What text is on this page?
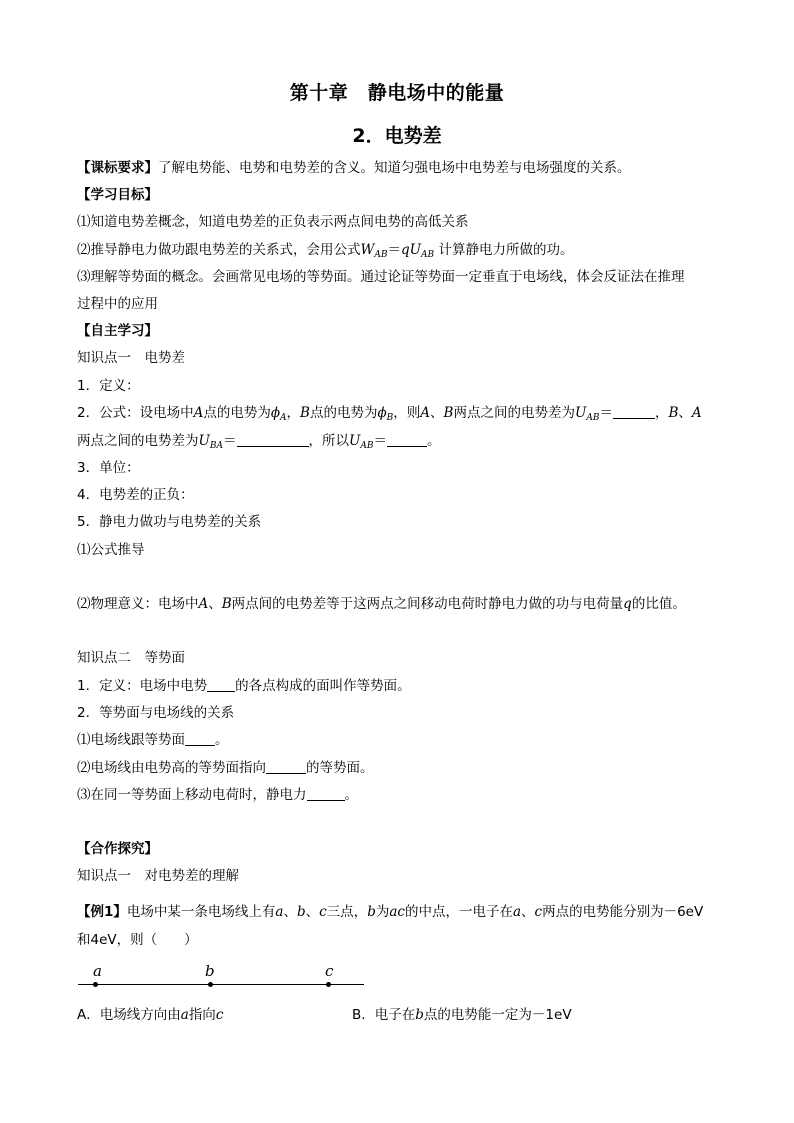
第十章　静电场中的能量
2．电势差
【课标要求】了解电势能、电势和电势差的含义。知道匀强电场中电势差与电场强度的关系。
【学习目标】
⑴知道电势差概念，知道电势差的正负表示两点间电势的高低关系
⑵推导静电力做功跟电势差的关系式，会用公式$W_{AB}=qU_{AB}$ 计算静电力所做的功。
⑶理解等势面的概念。会画常见电场的等势面。通过论证等势面一定垂直于电场线，体会反证法在推理
过程中的应用
【自主学习】
知识点一　电势差
1．定义：
2．公式：设电场中A点的电势为$\phi_A$，B点的电势为$\phi_B$，则A、B两点之间的电势差为$U_{AB}=$	，B、A
两点之间的电势差为$U_{BA}=$	，所以$U_{AB}=$	。
3．单位：
4．电势差的正负：
5．静电力做功与电势差的关系
⑴公式推导
⑵物理意义：电场中A、B两点间的电势差等于这两点之间移动电荷时静电力做的功与电荷量q的比值。
知识点二　等势面
1．定义：电场中电势 的各点构成的面叫作等势面。
2．等势面与电场线的关系
⑴电场线跟等势面 。
⑵电场线由电势高的等势面指向	的等势面。
⑶在同一等势面上移动电荷时，静电力	。
【合作探究】
知识点一　对电势差的理解
【例1】电场中某一条电场线上有a、b、c三点，b为ac的中点，一电子在a、c两点的电势能分别为－6eV
和4eV，则（　　）
a	b	c
A．电场线方向由a指向c	B．电子在b点的电势能一定为－1eV
